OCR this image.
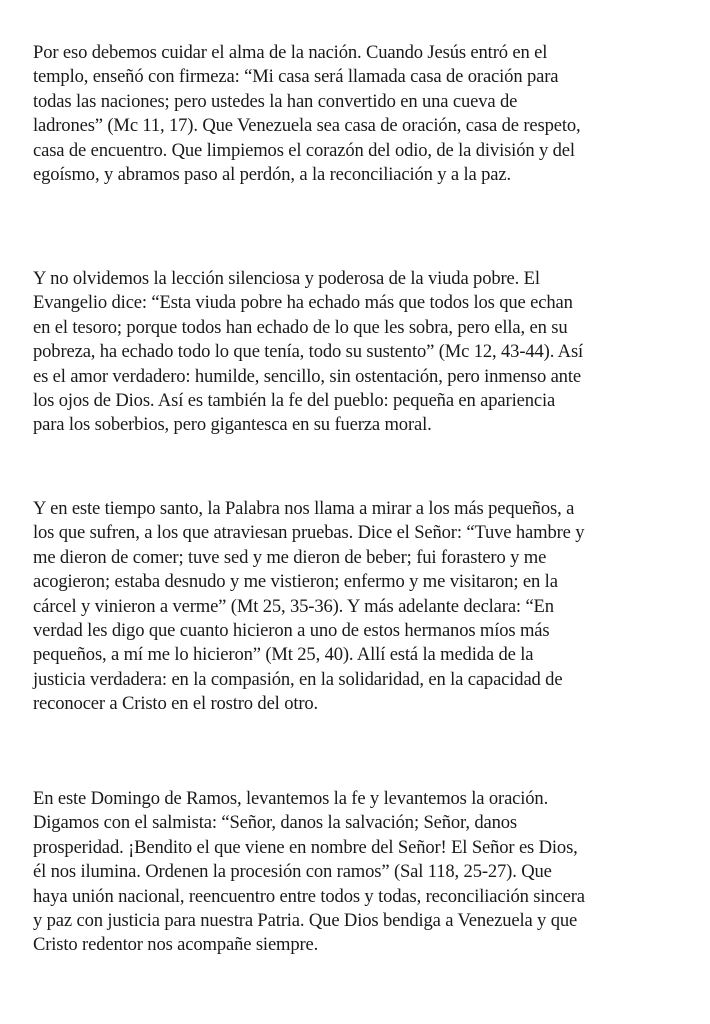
Por eso debemos cuidar el alma de la nación. Cuando Jesús entró en el
templo, enseñó con firmeza: “Mi casa será llamada casa de oración para
todas las naciones; pero ustedes la han convertido en una cueva de
ladrones” (Mc 11, 17). Que Venezuela sea casa de oración, casa de respeto,
casa de encuentro. Que limpiemos el corazón del odio, de la división y del
egoísmo, y abramos paso al perdón, a la reconciliación y a la paz.

Y no olvidemos la lección silenciosa y poderosa de la viuda pobre. El
Evangelio dice: “Esta viuda pobre ha echado más que todos los que echan
en el tesoro; porque todos han echado de lo que les sobra, pero ella, en su
pobreza, ha echado todo lo que tenía, todo su sustento” (Mc 12, 43-44). Así
es el amor verdadero: humilde, sencillo, sin ostentación, pero inmenso ante
los ojos de Dios. Así es también la fe del pueblo: pequeña en apariencia
para los soberbios, pero gigantesca en su fuerza moral.

Y en este tiempo santo, la Palabra nos llama a mirar a los más pequeños, a
los que sufren, a los que atraviesan pruebas. Dice el Señor: “Tuve hambre y
me dieron de comer; tuve sed y me dieron de beber; fui forastero y me
acogieron; estaba desnudo y me vistieron; enfermo y me visitaron; en la
cárcel y vinieron a verme” (Mt 25, 35-36). Y más adelante declara: “En
verdad les digo que cuanto hicieron a uno de estos hermanos míos más
pequeños, a mí me lo hicieron” (Mt 25, 40). Allí está la medida de la
justicia verdadera: en la compasión, en la solidaridad, en la capacidad de
reconocer a Cristo en el rostro del otro.

En este Domingo de Ramos, levantemos la fe y levantemos la oración.
Digamos con el salmista: “Señor, danos la salvación; Señor, danos
prosperidad. ¡Bendito el que viene en nombre del Señor! El Señor es Dios,
él nos ilumina. Ordenen la procesión con ramos” (Sal 118, 25-27). Que
haya unión nacional, reencuentro entre todos y todas, reconciliación sincera
y paz con justicia para nuestra Patria. Que Dios bendiga a Venezuela y que
Cristo redentor nos acompañe siempre.
